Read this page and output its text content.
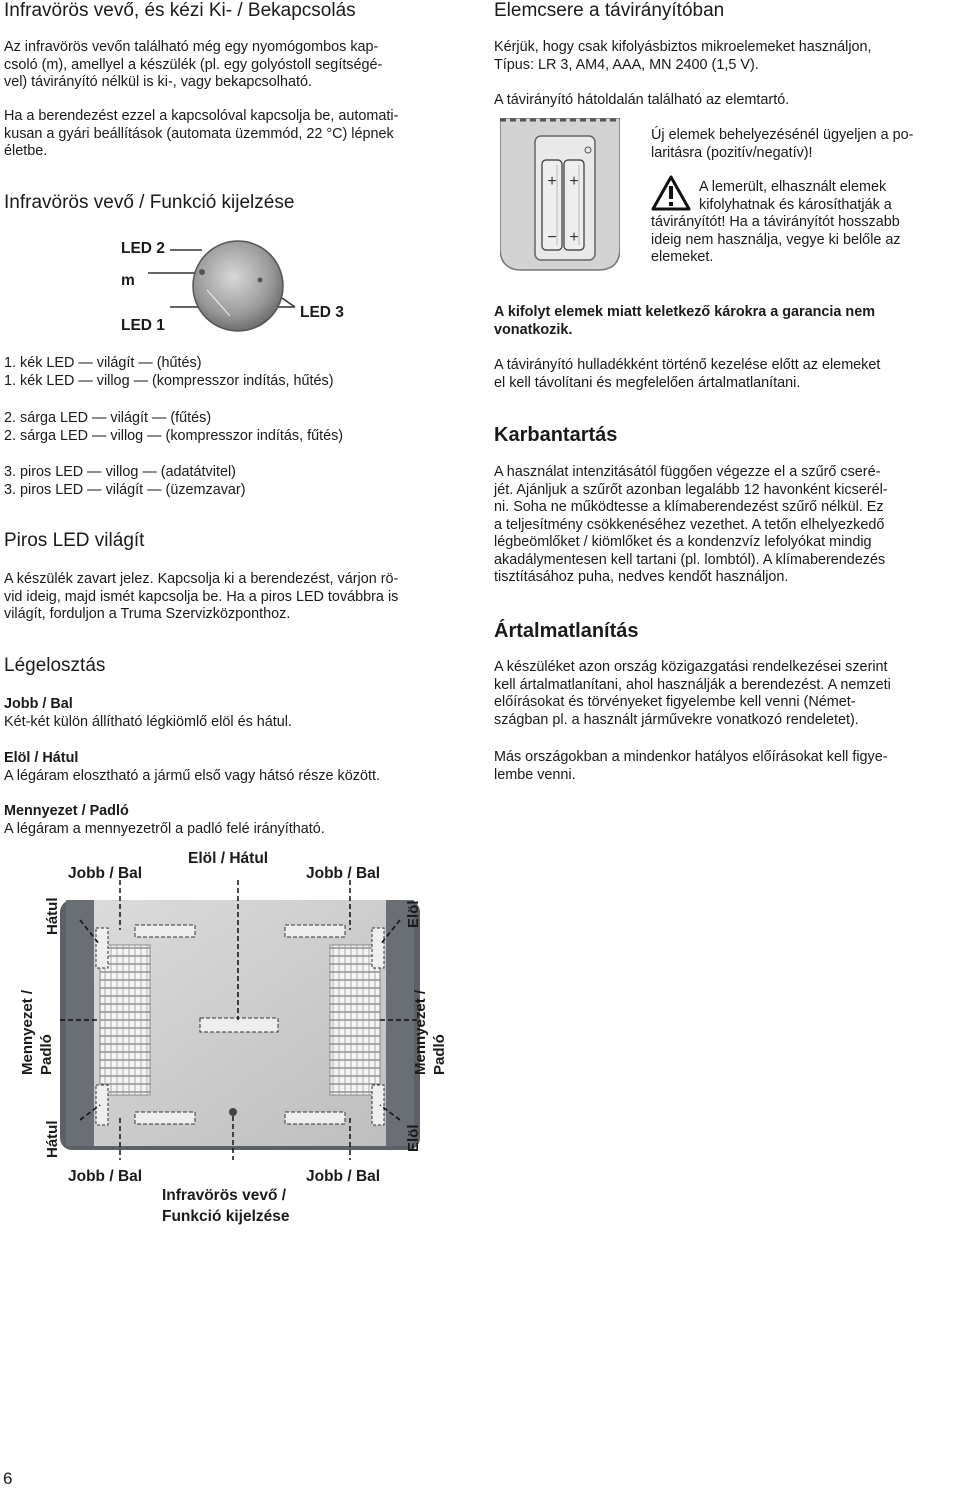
Infravörös vevő, és kézi Ki- / Bekapcsolás
Az infravörös vevőn található még egy nyomógombos kap-
csoló (m), amellyel a készülék (pl. egy golyóstoll segítségé-
vel) távirányító nélkül is ki-, vagy bekapcsolható.
Ha a berendezést ezzel a kapcsolóval kapcsolja be, automati-
kusan a gyári beállítások (automata üzemmód, 22 °C) lépnek
életbe.
Infravörös vevő / Funkció kijelzése
LED 2
m
LED 1
LED 3
1. kék LED — világít — (hűtés)
1. kék LED — villog — (kompresszor indítás, hűtés)
2. sárga LED — világít — (fűtés)
2. sárga LED — villog — (kompresszor indítás, fűtés)
3. piros LED — villog — (adatátvitel)
3. piros LED — világít — (üzemzavar)
Piros LED világít
A készülék zavart jelez. Kapcsolja ki a berendezést, várjon rö-
vid ideig, majd ismét kapcsolja be. Ha a piros LED továbbra is
világít, forduljon a Truma Szervizközponthoz.
Légelosztás
Jobb / Bal
Két-két külön állítható légkiömlő elöl és hátul.
Elöl / Hátul
A légáram elosztható a jármű első vagy hátsó része között.
Mennyezet / Padló
A légáram a mennyezetről a padló felé irányítható.
Elemcsere a távirányítóban
Kérjük, hogy csak kifolyásbiztos mikroelemeket használjon,
Típus: LR 3, AM4, AAA, MN 2400 (1,5 V).
A távirányító hátoldalán található az elemtartó.
+ +
− +
Új elemek behelyezésénél ügyeljen a po-
laritásra (pozitív/negatív)!
A lemerült, elhasznált elemek
kifolyhatnak és károsíthatják a
távirányítót! Ha a távirányítót hosszabb
ideig nem használja, vegye ki belőle az
elemeket.
A kifolyt elemek miatt keletkező károkra a garancia nem
vonatkozik.
A távirányító hulladékként történő kezelése előtt az elemeket
el kell távolítani és megfelelően ártalmatlanítani.
Karbantartás
A használat intenzitásától függően végezze el a szűrő cseré-
jét. Ajánljuk a szűrőt azonban legalább 12 havonként kicserél-
ni. Soha ne működtesse a klímaberendezést szűrő nélkül. Ez
a teljesítmény csökkenéséhez vezethet. A tetőn elhelyezkedő
légbeömlőket / kiömlőket és a kondenzvíz lefolyókat mindig
akadálymentesen kell tartani (pl. lombtól). A klímaberendezés
tisztításához puha, nedves kendőt használjon.
Ártalmatlanítás
A készüléket azon ország közigazgatási rendelkezései szerint
kell ártalmatlanítani, ahol használják a berendezést. A nemzeti
előírásokat és törvényeket figyelembe kell venni (Német-
szágban pl. a használt járművekre vonatkozó rendeletet).
Más országokban a mindenkor hatályos előírásokat kell figye-
lembe venni.
Elöl / Hátul
Jobb / Bal	Jobb / Bal
Jobb / Bal	Jobb / Bal
Hátul
Hátul
Elöl
Elöl
Mennyezet / Padló	Mennyezet / Padló
Infravörös vevő /
Funkció kijelzése
6
